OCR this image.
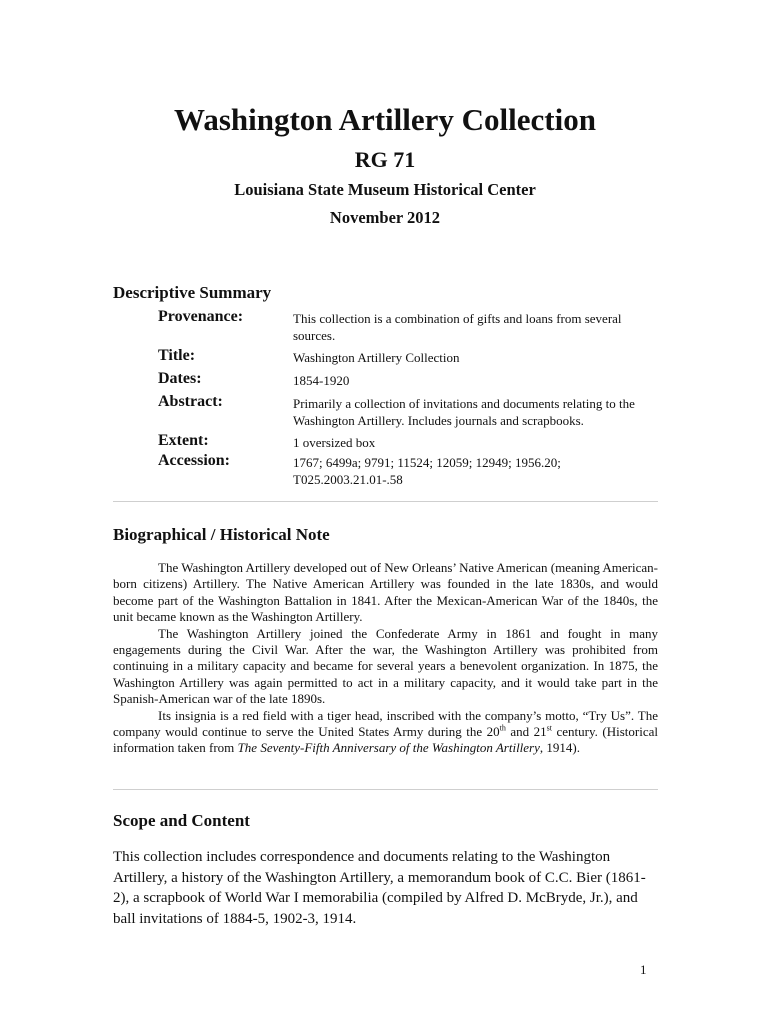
Washington Artillery Collection
RG 71
Louisiana State Museum Historical Center
November 2012
Descriptive Summary
Provenance:	This collection is a combination of gifts and loans from several sources.
Title:	Washington Artillery Collection
Dates:	1854-1920
Abstract:	Primarily a collection of invitations and documents relating to the Washington Artillery. Includes journals and scrapbooks.
Extent:	1 oversized box
Accession:	1767; 6499a; 9791; 11524; 12059; 12949; 1956.20; T025.2003.21.01-.58
Biographical / Historical Note

The Washington Artillery developed out of New Orleans’ Native American (meaning American-born citizens) Artillery. The Native American Artillery was founded in the late 1830s, and would become part of the Washington Battalion in 1841. After the Mexican-American War of the 1840s, the unit became known as the Washington Artillery.

The Washington Artillery joined the Confederate Army in 1861 and fought in many engagements during the Civil War. After the war, the Washington Artillery was prohibited from continuing in a military capacity and became for several years a benevolent organization. In 1875, the Washington Artillery was again permitted to act in a military capacity, and it would take part in the Spanish-American war of the late 1890s.

Its insignia is a red field with a tiger head, inscribed with the company’s motto, “Try Us”. The company would continue to serve the United States Army during the 20th and 21st century. (Historical information taken from The Seventy-Fifth Anniversary of the Washington Artillery, 1914).

Scope and Content
This collection includes correspondence and documents relating to the Washington Artillery, a history of the Washington Artillery, a memorandum book of C.C. Bier (1861-2), a scrapbook of World War I memorabilia (compiled by Alfred D. McBryde, Jr.), and ball invitations of 1884-5, 1902-3, 1914.
1
